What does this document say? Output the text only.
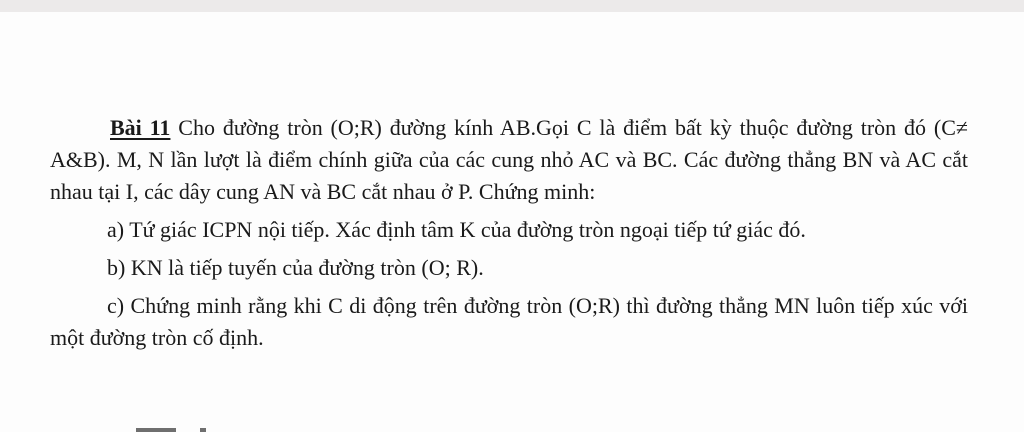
Bài 11 Cho đường tròn (O;R) đường kính AB.Gọi C là điểm bất kỳ thuộc đường tròn đó (C≠ A&B). M, N lần lượt là điểm chính giữa của các cung nhỏ AC và BC. Các đường thẳng BN và AC cắt nhau tại I, các dây cung AN và BC cắt nhau ở P. Chứng minh:

a) Tứ giác ICPN nội tiếp. Xác định tâm K của đường tròn ngoại tiếp tứ giác đó.

b) KN là tiếp tuyến của đường tròn (O; R).

c) Chứng minh rằng khi C di động trên đường tròn (O;R) thì đường thẳng MN luôn tiếp xúc với một đường tròn cố định.
